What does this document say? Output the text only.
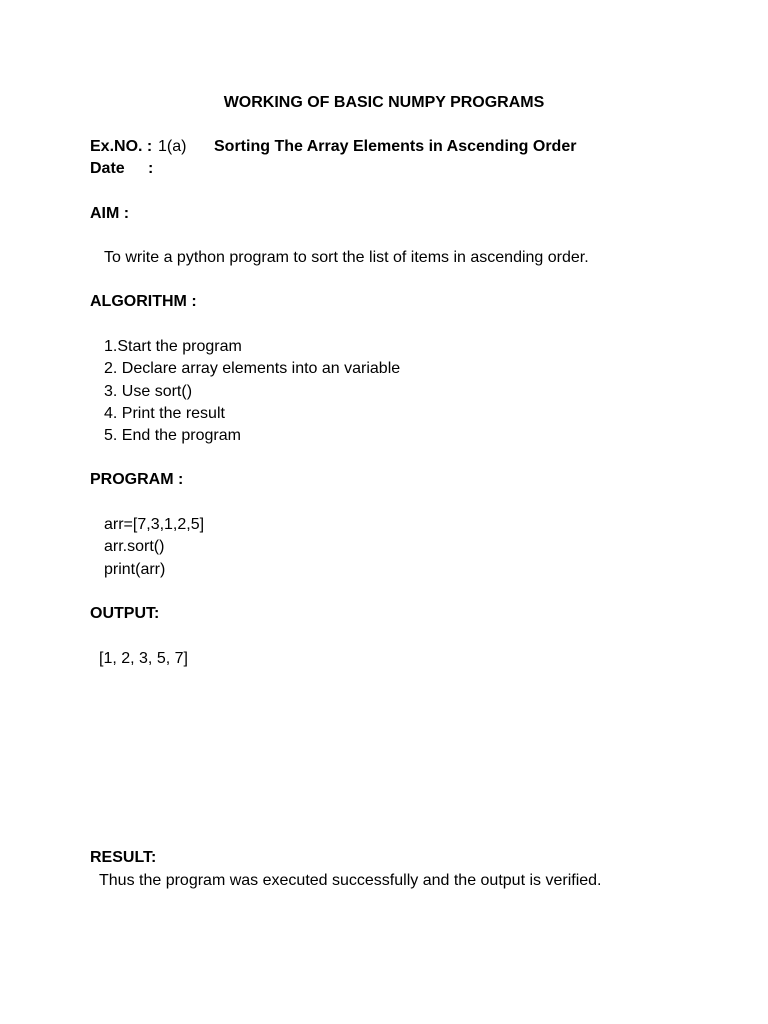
WORKING OF BASIC NUMPY PROGRAMS
Ex.NO. : 1(a) Sorting The Array Elements in Ascending Order
Date :
AIM :
To write a python program to sort the list of items in ascending order.
ALGORITHM :
1.Start the program
2. Declare array elements into an variable
3. Use sort()
4. Print the result
5. End the program
PROGRAM :
arr=[7,3,1,2,5]
arr.sort()
print(arr)
OUTPUT:
[1, 2, 3, 5, 7]
RESULT:
Thus the program was executed successfully and the output is verified.
